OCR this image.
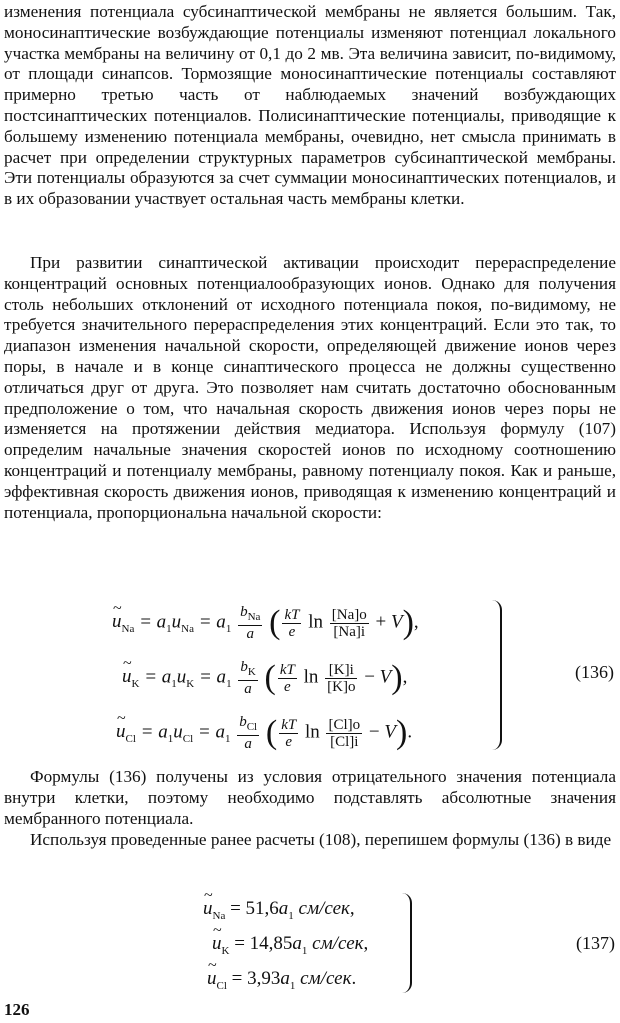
изменения потенциала субсинаптической мембраны не является большим. Так, моносинаптические возбуждающие потенциалы изменяют потенциал локального участка мембраны на величину от 0,1 до 2 мв. Эта величина зависит, по-видимому, от площади синапсов. Тормозящие моносинаптические потенциалы составляют примерно третью часть от наблюдаемых значений возбуждающих постсинаптических потенциалов. Полисинаптические потенциалы, приводящие к большему изменению потенциала мембраны, очевидно, нет смысла принимать в расчет при определении структурных параметров субсинаптической мембраны. Эти потенциалы образуются за счет суммации моносинаптических потенциалов, и в их образовании участвует остальная часть мембраны клетки.

При развитии синаптической активации происходит перераспределение концентраций основных потенциалообразующих ионов. Однако для получения столь небольших отклонений от исходного потенциала покоя, по-видимому, не требуется значительного перераспределения этих концентраций. Если это так, то диапазон изменения начальной скорости, определяющей движение ионов через поры, в начале и в конце синаптического процесса не должны существенно отличаться друг от друга. Это позволяет нам считать достаточно обоснованным предположение о том, что начальная скорость движения ионов через поры не изменяется на протяжении действия медиатора. Используя формулу (107) определим начальные значения скоростей ионов по исходному соотношению концентраций и потенциалу мембраны, равному потенциалу покоя. Как и раньше, эффективная скорость движения ионов, приводящая к изменению концентраций и потенциала, пропорциональна начальной скорости:

~ $u_{Na} = a_1u_{Na} = a_1 \frac{b_{Na}}{a}$ ( $\frac{kT}{e}$ $\ln \frac{[Na]o}{[Na]i} + V$),
~ $u_K = a_1u_K = a_1 \frac{b_K}{a}$ ( $\frac{kT}{e}$ $\ln \frac{[K]i}{[K]o} - V$),
~ $u_{Cl} = a_1u_{Cl} = a_1 \frac{b_{Cl}}{a}$ ( $\frac{kT}{e}$ $\ln \frac{[Cl]o}{[Cl]i} - V$).
(136)

Формулы (136) получены из условия отрицательного значения потенциала внутри клетки, поэтому необходимо подставлять абсолютные значения мембранного потенциала.

Используя проведенные ранее расчеты (108), перепишем формулы (136) в виде

~ $u_{Na} = 51,6a_1$ см/сек,
~ $u_K = 14,85a_1$ см/сек,
~ $u_{Cl} = 3,93a_1$ см/сек.
(137)
126
